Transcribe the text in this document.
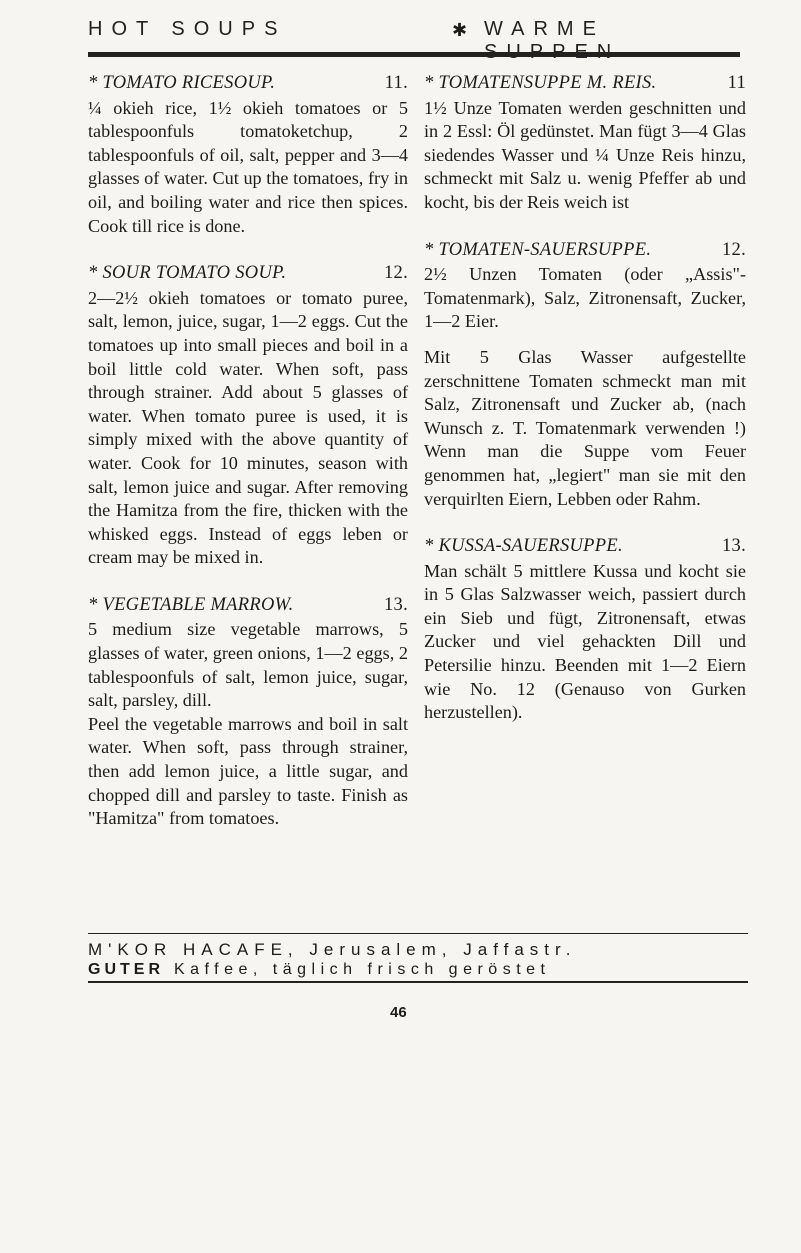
HOT SOUPS	✱ WARME
* TOMATO RICESOUP.	11.

¼ okieh rice, 1½ okieh tomatoes or 5 tablespoonfuls tomatoketchup, 2 tablespoonfuls of oil, salt, pepper and 3—4 glasses of water. Cut up the tomatoes, fry in oil, and boiling water and rice then spices. Cook till rice is done.

* SOUR TOMATO SOUP.	12.

2—2½ okieh tomatoes or tomato puree, salt, lemon, juice, sugar, 1—2 eggs. Cut the tomatoes up into small pieces and boil in a boil little cold water. When soft, pass through strainer. Add about 5 glasses of water. When tomato puree is used, it is simply mixed with the above quantity of water. Cook for 10 minutes, season with salt, lemon juice and sugar. After removing the Hamitza from the fire, thicken with the whisked eggs. Instead of eggs leben or cream may be mixed in.

* VEGETABLE MARROW.	13.

5 medium size vegetable marrows, 5 glasses of water, green onions, 1—2 eggs, 2 tablespoonfuls of salt, lemon juice, sugar, salt, parsley, dill.

Peel the vegetable marrows and boil in salt water. When soft, pass through strainer, then add lemon juice, a little sugar, and chopped dill and parsley to taste. Finish as "Hamitza" from tomatoes.

* TOMATENSUPPE M. REIS.	11

1½ Unze Tomaten werden geschnitten und in 2 Essl: Öl gedünstet. Man fügt 3—4 Glas siedendes Wasser und ¼ Unze Reis hinzu, schmeckt mit Salz u. wenig Pfeffer ab und kocht, bis der Reis weich ist

* TOMATEN-SAUERSUPPE.	12.

2½ Unzen Tomaten (oder „Assis"-Tomatenmark), Salz, Zitronensaft, Zucker, 1—2 Eier.

Mit 5 Glas Wasser aufgestellte zerschnittene Tomaten schmeckt man mit Salz, Zitronensaft und Zucker ab, (nach Wunsch z. T. Tomatenmark verwenden !) Wenn man die Suppe vom Feuer genommen hat, „legiert" man sie mit den verquirlten Eiern, Lebben oder Rahm.

* KUSSA-SAUERSUPPE.	13.

Man schält 5 mittlere Kussa und kocht sie in 5 Glas Salzwasser weich, passiert durch ein Sieb und fügt, Zitronensaft, etwas Zucker und viel gehackten Dill und Petersilie hinzu. Beenden mit 1—2 Eiern wie No. 12 (Genauso von Gurken herzustellen).

M'KOR HACAFE, Jerusalem, Jaffastr.
GUTER Kaffee, täglich frisch geröstet
46
